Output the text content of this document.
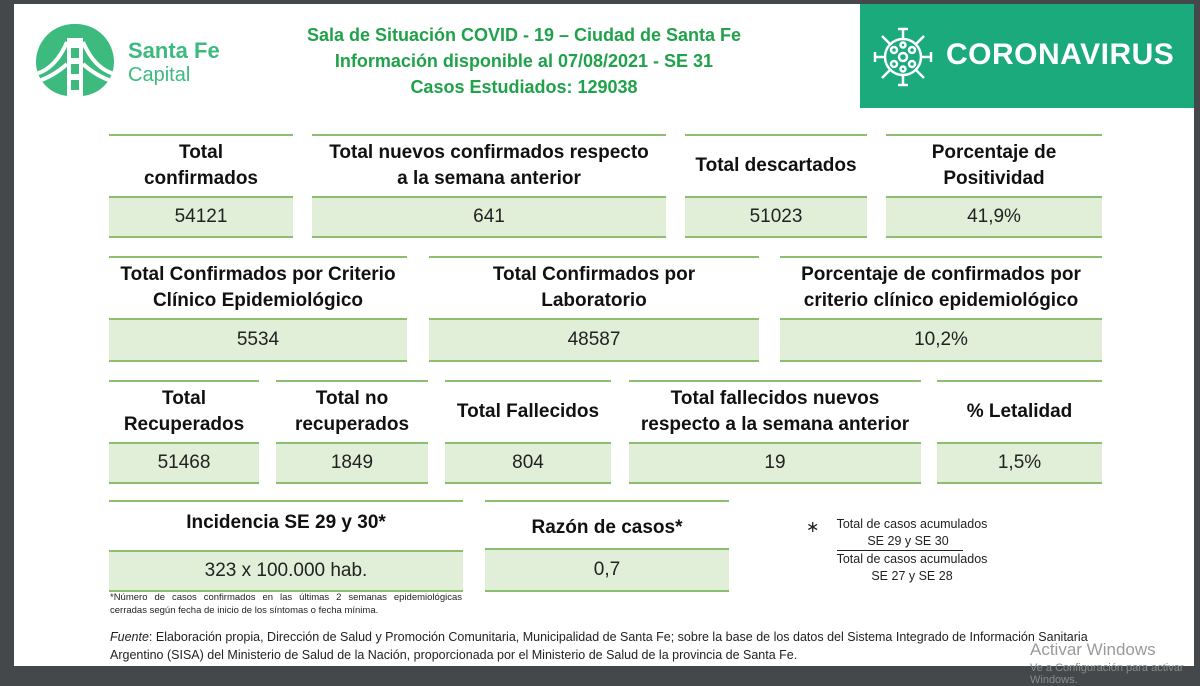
Santa Fe
Capital
Sala de Situación COVID - 19 – Ciudad de Santa Fe
Información disponible al 07/08/2021 - SE 31
Casos Estudiados: 129038
CORONAVIRUS
Total confirmados
54121
Total nuevos confirmados respecto a la semana anterior
641
Total descartados
51023
Porcentaje de Positividad
41,9%
Total Confirmados por Criterio Clínico Epidemiológico
5534
Total Confirmados por Laboratorio
48587
Porcentaje de confirmados por criterio clínico epidemiológico
10,2%
Total Recuperados
51468
Total no recuperados
1849
Total Fallecidos
804
Total fallecidos nuevos respecto a la semana anterior
19
% Letalidad
1,5%
Incidencia SE 29 y 30*
323 x 100.000 hab.
Razón de casos*
0,7
*Número de casos confirmados en las últimas 2 semanas epidemiológicas cerradas según fecha de inicio de los síntomas o fecha mínima.
∗	Total de casos acumulados
SE 29 y SE 30
Total de casos acumulados
SE 27 y SE 28
Fuente: Elaboración propia, Dirección de Salud y Promoción Comunitaria, Municipalidad de Santa Fe; sobre la base de los datos del Sistema Integrado de Información Sanitaria Argentino (SISA) del Ministerio de Salud de la Nación, proporcionada por el Ministerio de Salud de la provincia de Santa Fe.	Activar Windows
Ve a Configuración para activar Windows.
